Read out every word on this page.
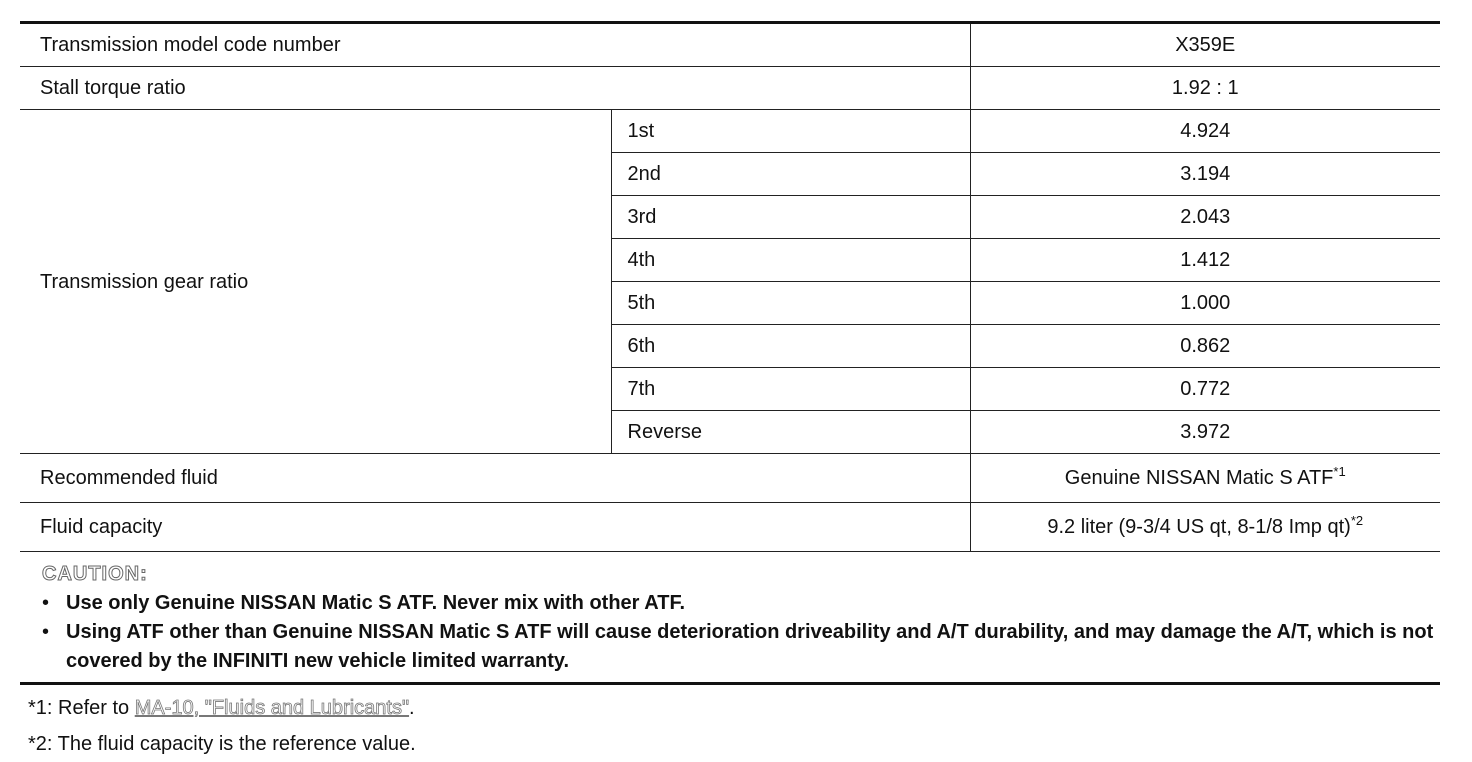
Transmission model code number		X359E
Stall torque ratio		1.92 : 1
Transmission gear ratio	1st	4.924
	2nd	3.194
	3rd	2.043
	4th	1.412
	5th	1.000
	6th	0.862
	7th	0.772
	Reverse	3.972
Recommended fluid		Genuine NISSAN Matic S ATF$^{*1}$
Fluid capacity		9.2 liter (9-3/4 US qt, 8-1/8 Imp qt)$^{*2}$
CAUTION:
• Use only Genuine NISSAN Matic S ATF. Never mix with other ATF.
• Using ATF other than Genuine NISSAN Matic S ATF will cause deterioration driveability and A/T durability, and may damage the A/T, which is not covered by the INFINITI new vehicle limited warranty.
*1: Refer to MA-10, "Fluids and Lubricants".
*2: The fluid capacity is the reference value.
